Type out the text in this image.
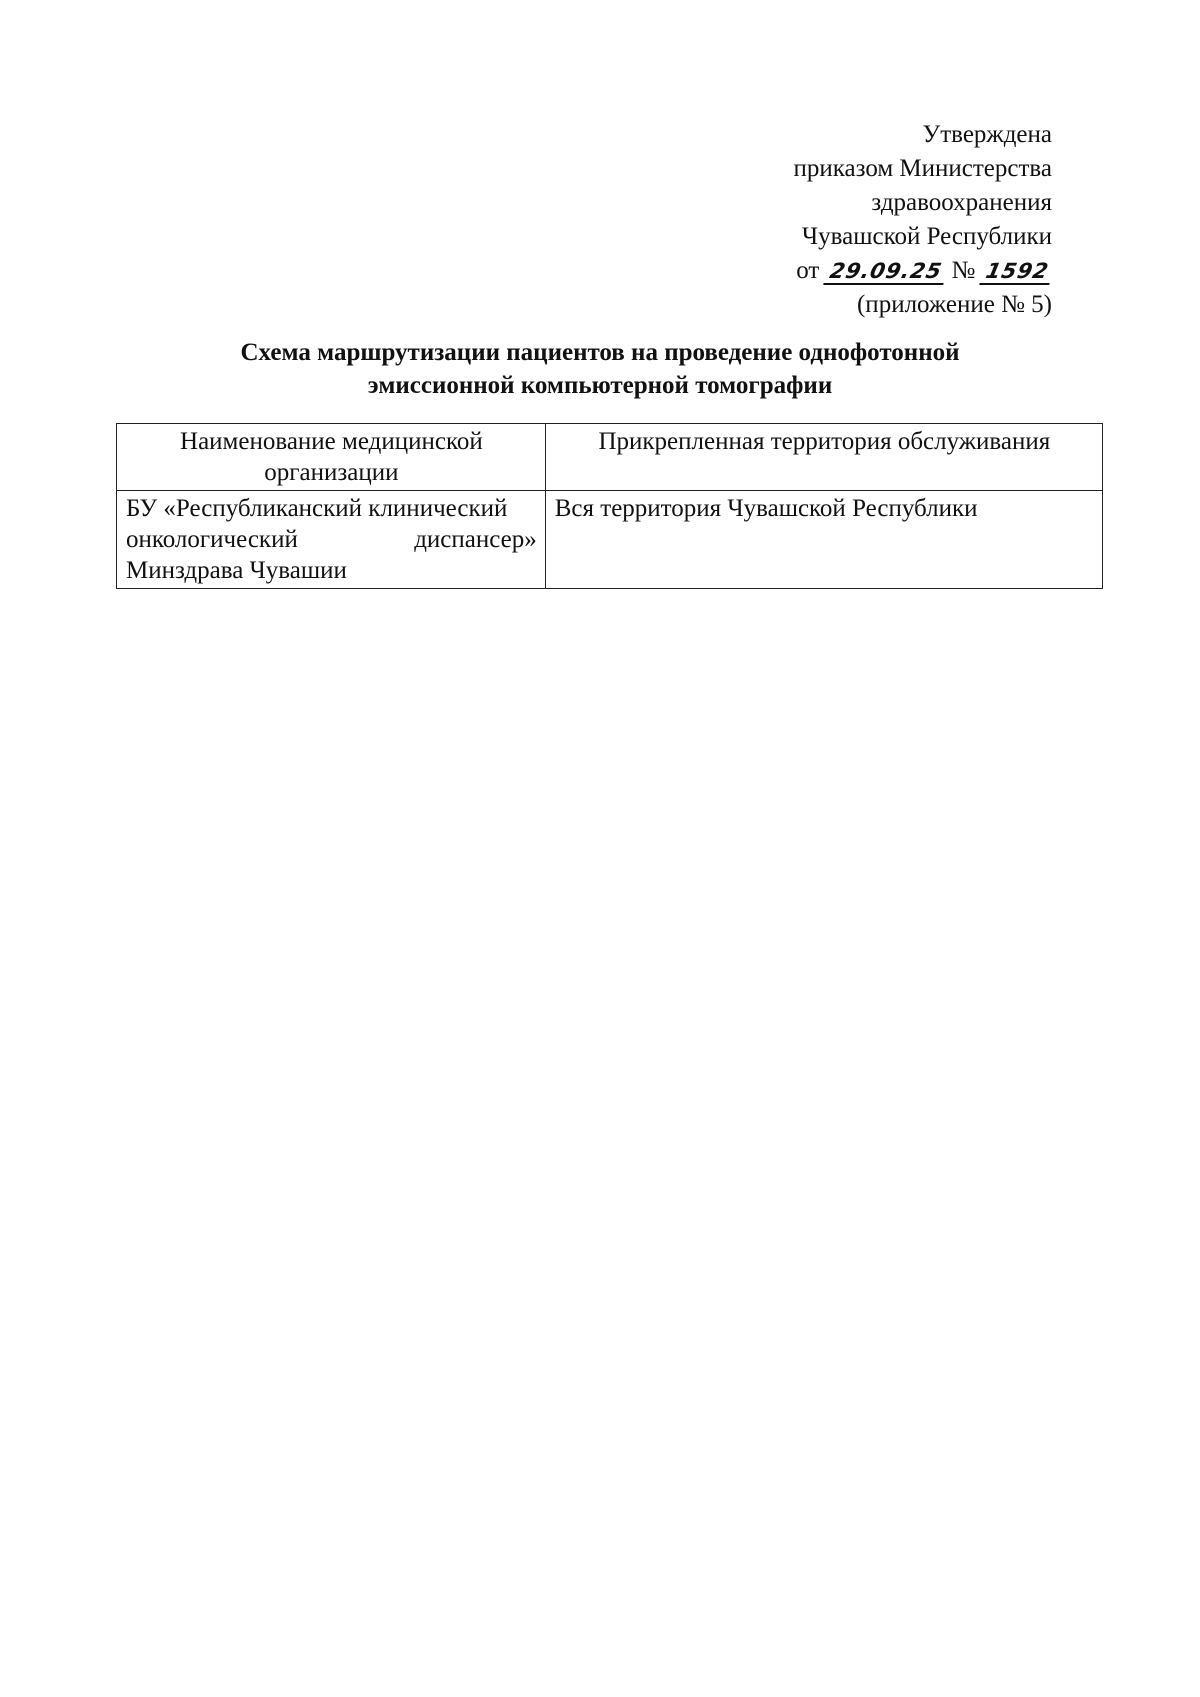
Утверждена
приказом Министерства
здравоохранения
Чувашской Республики
от 29.09.25 № 1592
(приложение № 5)
Схема маршрутизации пациентов на проведение однофотонной
эмиссионной компьютерной томографии
Наименование медицинской организации	Прикрепленная территория обслуживания

БУ «Республиканский клинический
онкологический диспансер»
Минздрава Чувашии	Вся территория Чувашской Республики
